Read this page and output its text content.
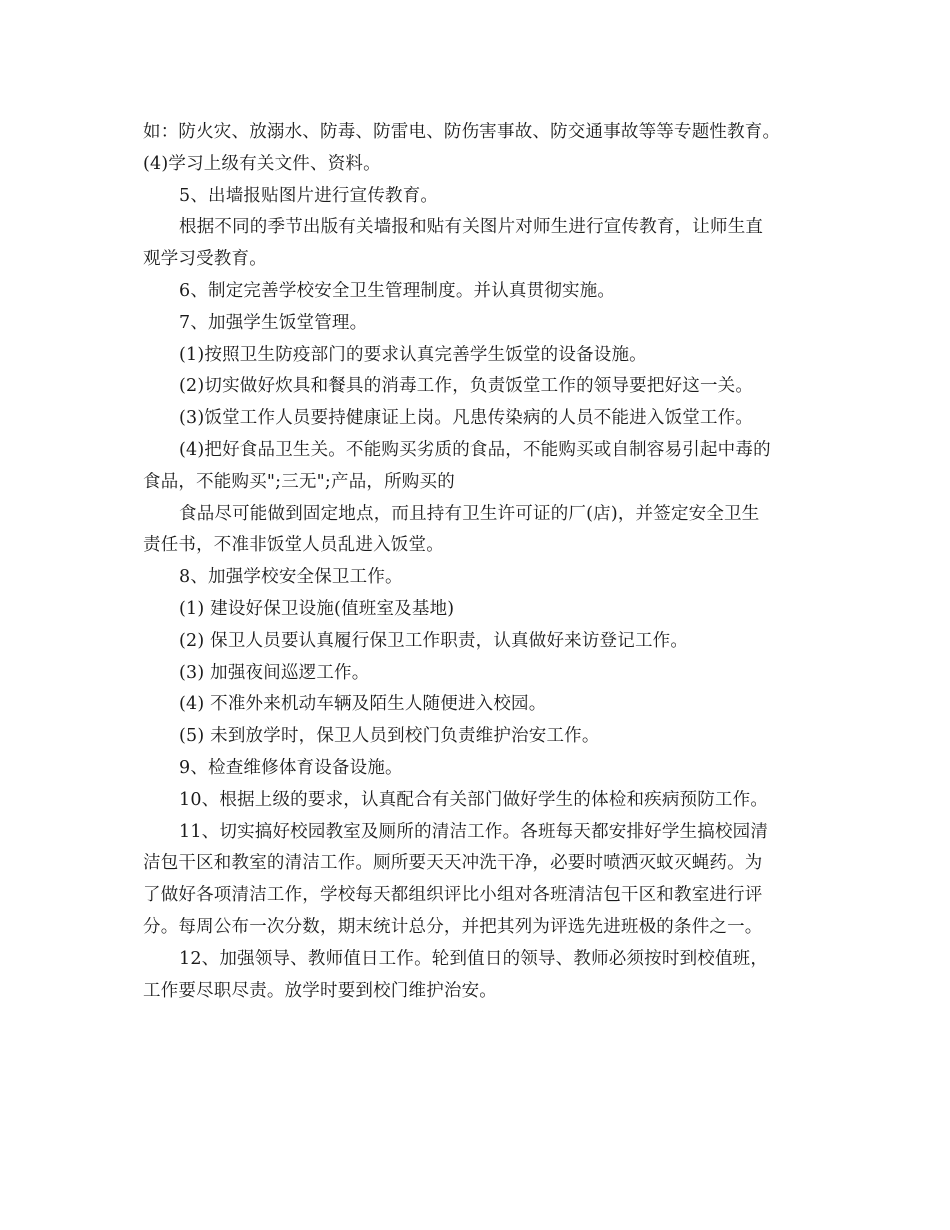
如：防火灾、放溺水、防毒、防雷电、防伤害事故、防交通事故等等专题性教育。

(4)学习上级有关文件、资料。

5、出墙报贴图片进行宣传教育。

根据不同的季节出版有关墙报和贴有关图片对师生进行宣传教育，让师生直

观学习受教育。

6、制定完善学校安全卫生管理制度。并认真贯彻实施。

7、加强学生饭堂管理。

(1)按照卫生防疫部门的要求认真完善学生饭堂的设备设施。

(2)切实做好炊具和餐具的消毒工作，负责饭堂工作的领导要把好这一关。

(3)饭堂工作人员要持健康证上岗。凡患传染病的人员不能进入饭堂工作。

(4)把好食品卫生关。不能购买劣质的食品，不能购买或自制容易引起中毒的

食品，不能购买";三无";产品，所购买的

食品尽可能做到固定地点，而且持有卫生许可证的厂(店)，并签定安全卫生

责任书，不准非饭堂人员乱进入饭堂。

8、加强学校安全保卫工作。

(1) 建设好保卫设施(值班室及基地)

(2) 保卫人员要认真履行保卫工作职责，认真做好来访登记工作。

(3) 加强夜间巡逻工作。

(4) 不准外来机动车辆及陌生人随便进入校园。

(5) 未到放学时，保卫人员到校门负责维护治安工作。

9、检查维修体育设备设施。

10、根据上级的要求，认真配合有关部门做好学生的体检和疾病预防工作。

11、切实搞好校园教室及厕所的清洁工作。各班每天都安排好学生搞校园清

洁包干区和教室的清洁工作。厕所要天天冲洗干净，必要时喷洒灭蚊灭蝇药。为

了做好各项清洁工作，学校每天都组织评比小组对各班清洁包干区和教室进行评

分。每周公布一次分数，期末统计总分，并把其列为评选先进班极的条件之一。

12、加强领导、教师值日工作。轮到值日的领导、教师必须按时到校值班，

工作要尽职尽责。放学时要到校门维护治安。
